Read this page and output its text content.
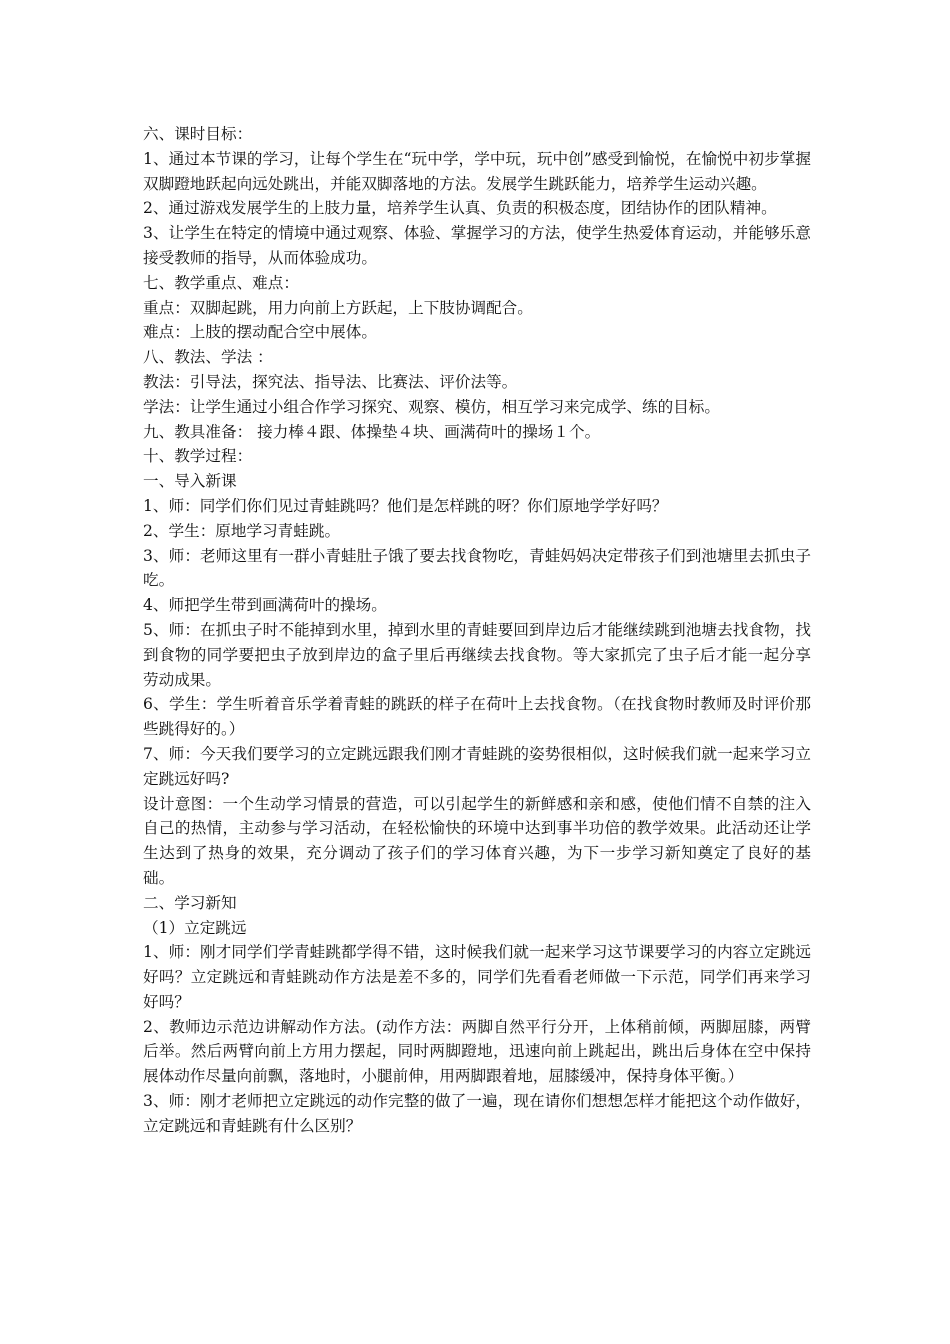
六、课时目标：

1、通过本节课的学习，让每个学生在“玩中学，学中玩，玩中创”感受到愉悦，在愉悦中初步掌握双脚蹬地跃起向远处跳出，并能双脚落地的方法。发展学生跳跃能力，培养学生运动兴趣。

2、通过游戏发展学生的上肢力量，培养学生认真、负责的积极态度，团结协作的团队精神。

3、让学生在特定的情境中通过观察、体验、掌握学习的方法，使学生热爱体育运动，并能够乐意接受教师的指导，从而体验成功。

七、教学重点、难点：

重点：双脚起跳，用力向前上方跃起，上下肢协调配合。

难点：上肢的摆动配合空中展体。

八、教法、学法 ：

教法：引导法，探究法、指导法、比赛法、评价法等。

学法：让学生通过小组合作学习探究、观察、模仿，相互学习来完成学、练的目标。

九、教具准备： 接力棒４跟、体操垫４块、画满荷叶的操场１个。

十、教学过程：

一、导入新课

1、师：同学们你们见过青蛙跳吗？他们是怎样跳的呀？你们原地学学好吗？

2、学生：原地学习青蛙跳。

3、师：老师这里有一群小青蛙肚子饿了要去找食物吃，青蛙妈妈决定带孩子们到池塘里去抓虫子吃。

4、师把学生带到画满荷叶的操场。

5、师：在抓虫子时不能掉到水里，掉到水里的青蛙要回到岸边后才能继续跳到池塘去找食物，找到食物的同学要把虫子放到岸边的盒子里后再继续去找食物。等大家抓完了虫子后才能一起分享劳动成果。

6、学生：学生听着音乐学着青蛙的跳跃的样子在荷叶上去找食物。（在找食物时教师及时评价那些跳得好的。）

7、师：今天我们要学习的立定跳远跟我们刚才青蛙跳的姿势很相似，这时候我们就一起来学习立定跳远好吗?

设计意图：一个生动学习情景的营造，可以引起学生的新鲜感和亲和感，使他们情不自禁的注入自己的热情，主动参与学习活动，在轻松愉快的环境中达到事半功倍的教学效果。此活动还让学生达到了热身的效果，充分调动了孩子们的学习体育兴趣，为下一步学习新知奠定了良好的基础。

二、学习新知

（1）立定跳远

1、师：刚才同学们学青蛙跳都学得不错，这时候我们就一起来学习这节课要学习的内容立定跳远好吗？立定跳远和青蛙跳动作方法是差不多的，同学们先看看老师做一下示范，同学们再来学习好吗？

2、教师边示范边讲解动作方法。(动作方法：两脚自然平行分开，上体稍前倾，两脚屈膝，两臂后举。然后两臂向前上方用力摆起，同时两脚蹬地，迅速向前上跳起出，跳出后身体在空中保持展体动作尽量向前飘，落地时，小腿前伸，用两脚跟着地，屈膝缓冲，保持身体平衡。）

3、师：刚才老师把立定跳远的动作完整的做了一遍，现在请你们想想怎样才能把这个动作做好，立定跳远和青蛙跳有什么区别？
